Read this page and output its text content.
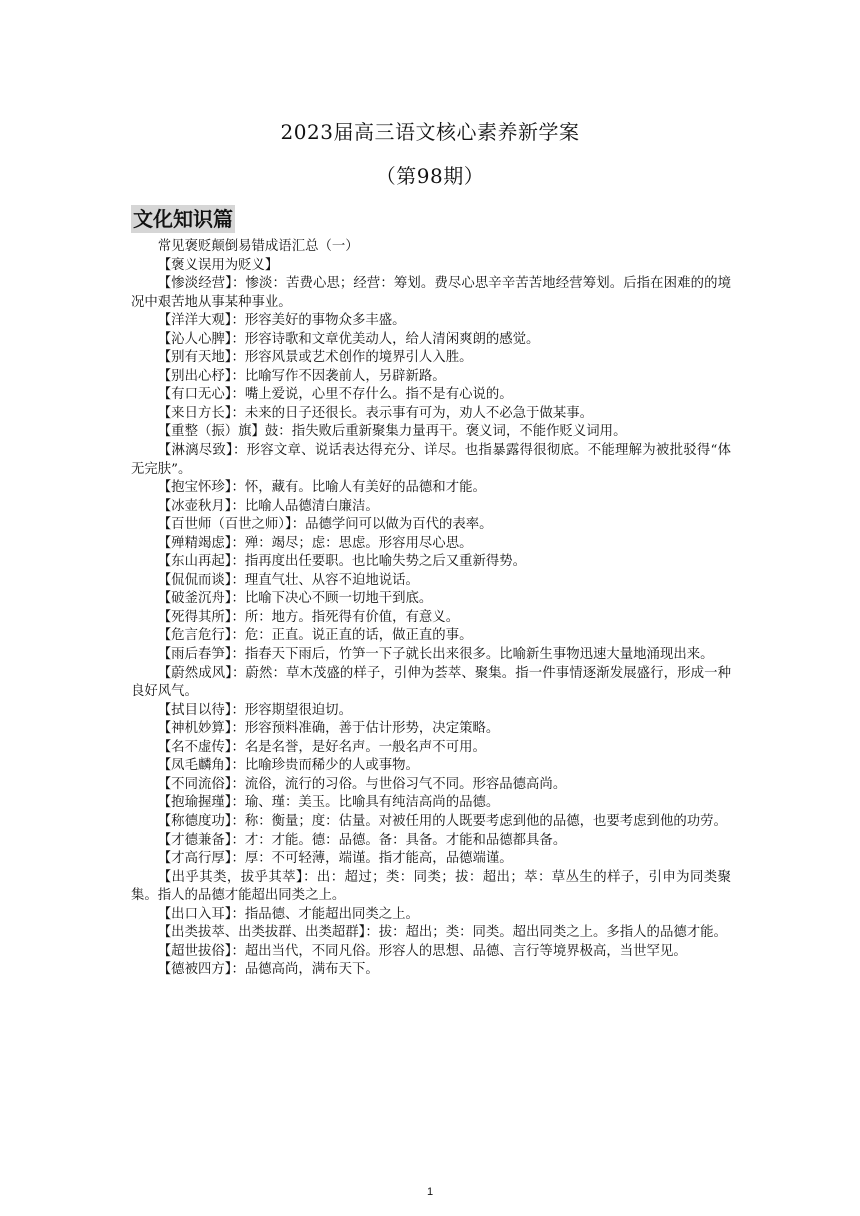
2023届高三语文核心素养新学案
（第98期）
文化知识篇

常见褒贬颠倒易错成语汇总（一）

【褒义误用为贬义】

【惨淡经营】：惨淡：苦费心思；经营：筹划。费尽心思辛辛苦苦地经营筹划。后指在困难的的境况中艰苦地从事某种事业。

【洋洋大观】：形容美好的事物众多丰盛。

【沁人心脾】：形容诗歌和文章优美动人，给人清闲爽朗的感觉。

【别有天地】：形容风景或艺术创作的境界引人入胜。

【别出心杼】：比喻写作不因袭前人，另辟新路。

【有口无心】：嘴上爱说，心里不存什么。指不是有心说的。

【来日方长】：未来的日子还很长。表示事有可为，劝人不必急于做某事。

【重整（振）旗】鼓：指失败后重新聚集力量再干。褒义词，不能作贬义词用。

【淋漓尽致】：形容文章、说话表达得充分、详尽。也指暴露得很彻底。不能理解为被批驳得“体无完肤”。

【抱宝怀珍】：怀，藏有。比喻人有美好的品德和才能。

【冰壶秋月】：比喻人品德清白廉洁。

【百世师（百世之师）】：品德学问可以做为百代的表率。

【殚精竭虑】：殚：竭尽；虑：思虑。形容用尽心思。

【东山再起】：指再度出任要职。也比喻失势之后又重新得势。

【侃侃而谈】：理直气壮、从容不迫地说话。

【破釜沉舟】：比喻下决心不顾一切地干到底。

【死得其所】：所：地方。指死得有价值，有意义。

【危言危行】：危：正直。说正直的话，做正直的事。

【雨后春笋】：指春天下雨后，竹笋一下子就长出来很多。比喻新生事物迅速大量地涌现出来。

【蔚然成风】：蔚然：草木茂盛的样子，引伸为荟萃、聚集。指一件事情逐渐发展盛行，形成一种良好风气。

【拭目以待】：形容期望很迫切。

【神机妙算】：形容预料准确，善于估计形势，决定策略。

【名不虚传】：名是名誉，是好名声。一般名声不可用。

【凤毛麟角】：比喻珍贵而稀少的人或事物。

【不同流俗】：流俗，流行的习俗。与世俗习气不同。形容品德高尚。

【抱瑜握瑾】：瑜、瑾：美玉。比喻具有纯洁高尚的品德。

【称德度功】：称：衡量；度：估量。对被任用的人既要考虑到他的品德，也要考虑到他的功劳。

【才德兼备】：才：才能。德：品德。备：具备。才能和品德都具备。

【才高行厚】：厚：不可轻薄，端谨。指才能高，品德端谨。

【出乎其类，拔乎其萃】：出：超过；类：同类；拔：超出；萃：草丛生的样子，引申为同类聚集。指人的品德才能超出同类之上。

【出口入耳】：指品德、才能超出同类之上。

【出类拔萃、出类拔群、出类超群】：拔：超出；类：同类。超出同类之上。多指人的品德才能。

【超世拔俗】：超出当代，不同凡俗。形容人的思想、品德、言行等境界极高，当世罕见。

【德被四方】：品德高尚，满布天下。

1
